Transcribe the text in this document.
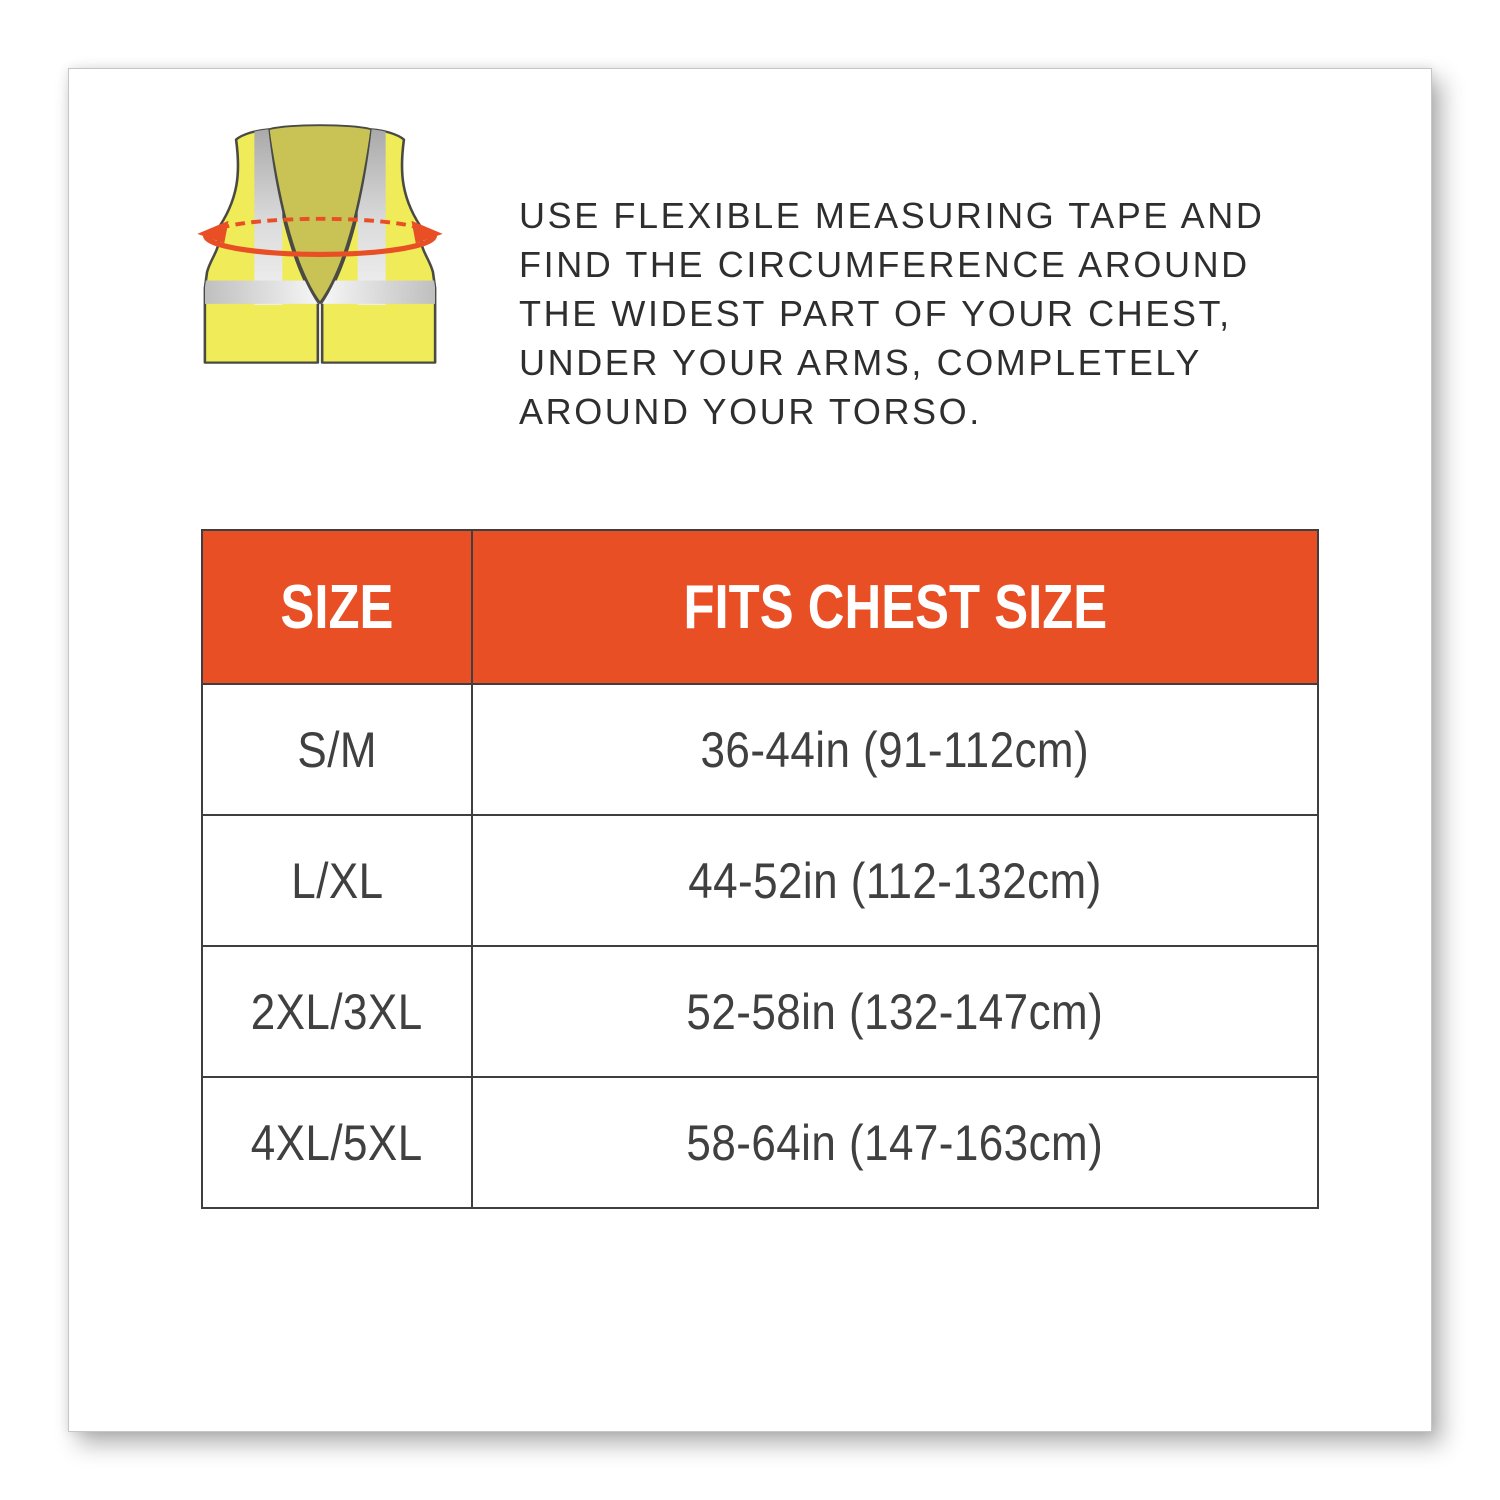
USE FLEXIBLE MEASURING TAPE AND
FIND THE CIRCUMFERENCE AROUND
THE WIDEST PART OF YOUR CHEST,
UNDER YOUR ARMS, COMPLETELY
AROUND YOUR TORSO.
SIZE	FITS CHEST SIZE
S/M	36-44in (91-112cm)
L/XL	44-52in (112-132cm)
2XL/3XL	52-58in (132-147cm)
4XL/5XL	58-64in (147-163cm)
